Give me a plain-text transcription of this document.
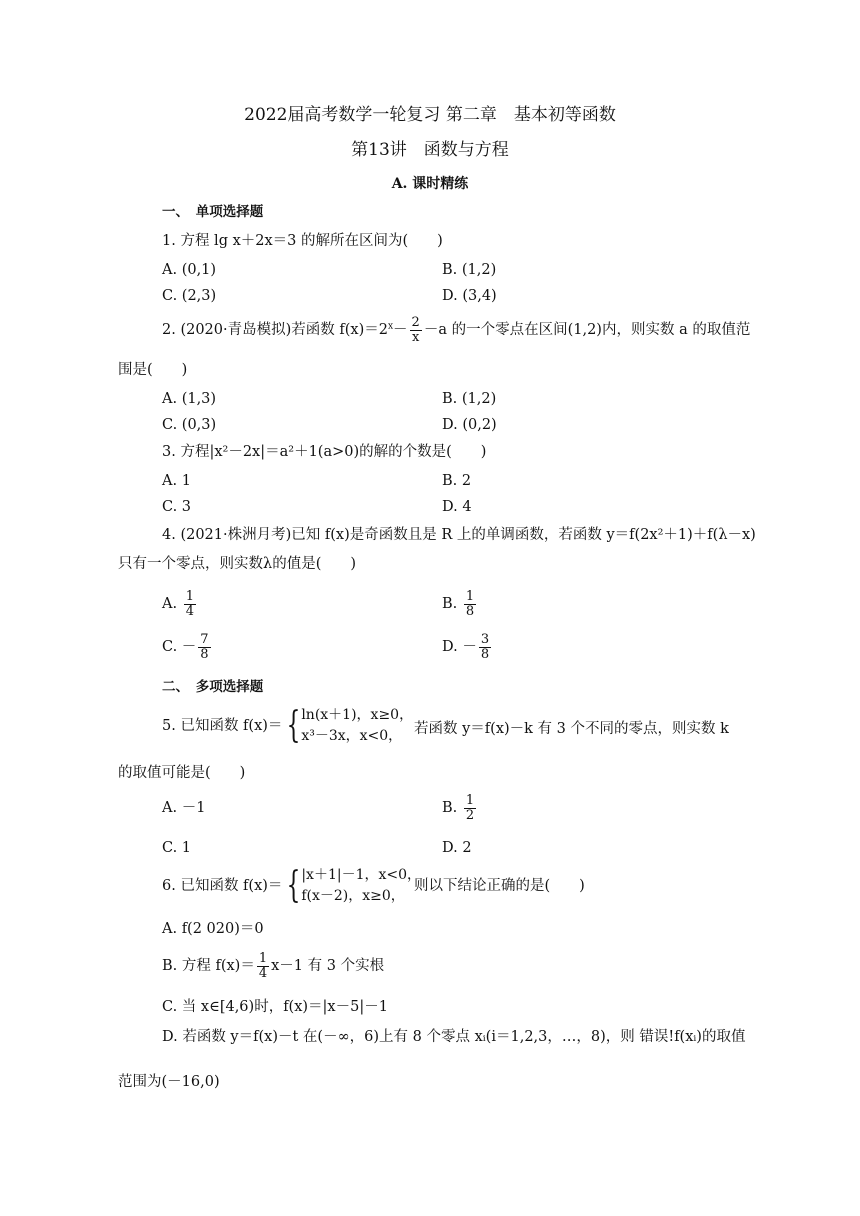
2022届高考数学一轮复习 第二章　基本初等函数
第13讲　函数与方程
A. 课时精练
一、　单项选择题
1. 方程 lg x＋2x＝3 的解所在区间为(　　)
A. (0,1)	B. (1,2)
C. (2,3)	D. (3,4)
2. (2020·青岛模拟)若函数 $f(x)=2^x- \frac{2}{x} -a$ 的一个零点在区间(1,2)内，则实数 a 的取值范
围是(　　)
A. (1,3)	B. (1,2)
C. (0,3)	D. (0,2)
3. 方程|x²－2x|＝a²＋1(a>0)的解的个数是(　　)
A. 1	B. 2
C. 3	D. 4
4. (2021·株洲月考)已知 f(x)是奇函数且是 R 上的单调函数，若函数 y＝f(2x²＋1)＋f(λ－x)
只有一个零点，则实数λ的值是(　　)
A. $\frac{1}{4}$	B. $\frac{1}{8}$
C. － $\frac{7}{8}$	D. － $\frac{3}{8}$
二、　多项选择题
5. 已知函数 f(x)＝ { ln(x＋1)，x≥0，
x³－3x，x<0， 若函数 y＝f(x)－k 有 3 个不同的零点，则实数 k
的取值可能是(　　)
A. －1	B. $\frac{1}{2}$
C. 1	D. 2
6. 已知函数 f(x)＝ { |x＋1|－1，x<0，
f(x－2)，x≥0，
则以下结论正确的是(　　)
A. f(2 020)＝0
B. 方程 $f(x)= \frac{1}{4} x-1$ 有 3 个实根
C. 当 x∈[4,6)时，f(x)＝|x－5|－1
D. 若函数 y＝f(x)－t 在(－∞，6)上有 8 个零点 xᵢ(i＝1,2,3，…，8)，则 错误!f(xᵢ)的取值
范围为(－16,0)
